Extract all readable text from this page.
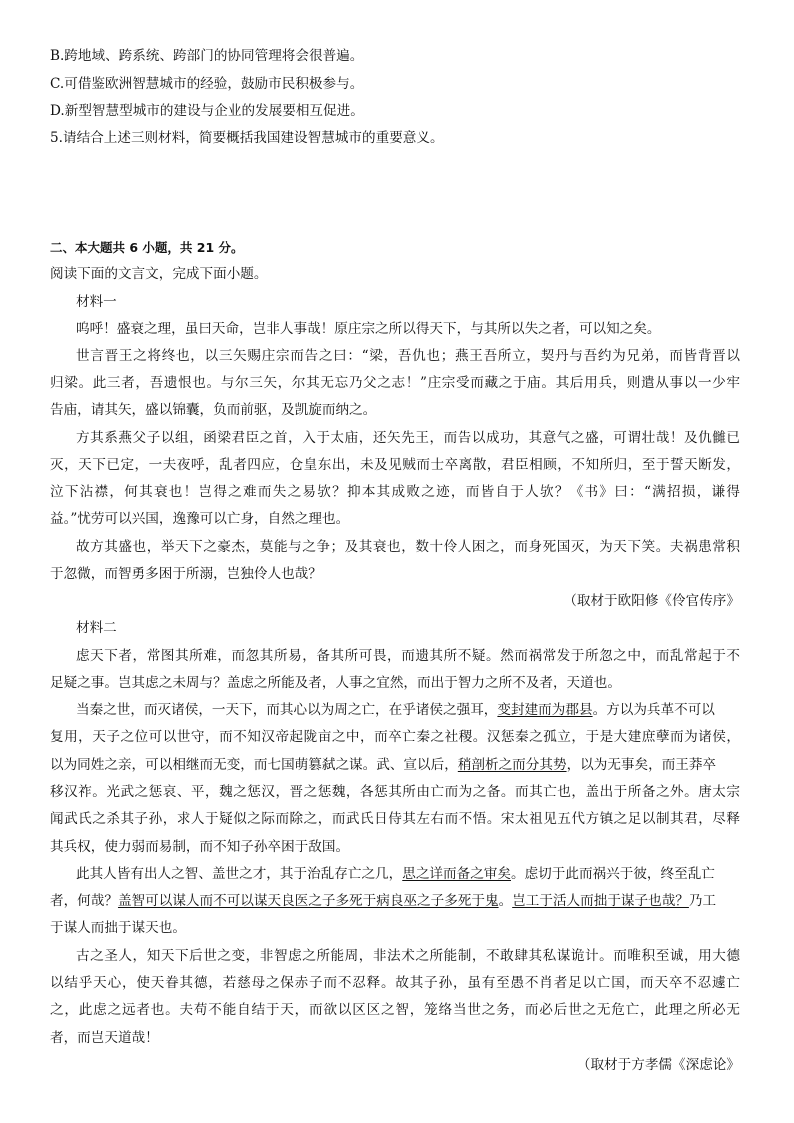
B.跨地域、跨系统、跨部门的协同管理将会很普遍。
C.可借鉴欧洲智慧城市的经验，鼓励市民积极参与。
D.新型智慧型城市的建设与企业的发展要相互促进。
5.请结合上述三则材料，简要概括我国建设智慧城市的重要意义。
二、本大题共 6 小题，共 21 分。
阅读下面的文言文，完成下面小题。
材料一
呜呼！盛衰之理，虽曰天命，岂非人事哉！原庄宗之所以得天下，与其所以失之者，可以知之矣。
世言晋王之将终也，以三矢赐庄宗而告之曰：“梁，吾仇也；燕王吾所立，契丹与吾约为兄弟，而皆背晋以
归梁。此三者，吾遗恨也。与尔三矢，尔其无忘乃父之志！”庄宗受而藏之于庙。其后用兵，则遣从事以一少牢
告庙，请其矢，盛以锦囊，负而前驱，及凯旋而纳之。
方其系燕父子以组，函梁君臣之首，入于太庙，还矢先王，而告以成功，其意气之盛，可谓壮哉！及仇雠已
灭，天下已定，一夫夜呼，乱者四应，仓皇东出，未及见贼而士卒离散，君臣相顾，不知所归，至于誓天断发，
泣下沾襟，何其衰也！岂得之难而失之易欤？抑本其成败之迹，而皆自于人欤？《书》曰：“满招损，谦得
益。”忧劳可以兴国，逸豫可以亡身，自然之理也。
故方其盛也，举天下之豪杰，莫能与之争；及其衰也，数十伶人困之，而身死国灭，为天下笑。夫祸患常积
于忽微，而智勇多困于所溺，岂独伶人也哉？
（取材于欧阳修《伶官传序》
材料二
虑天下者，常图其所难，而忽其所易，备其所可畏，而遗其所不疑。然而祸常发于所忽之中，而乱常起于不
足疑之事。岂其虑之未周与？盖虑之所能及者，人事之宜然，而出于智力之所不及者，天道也。
当秦之世，而灭诸侯，一天下，而其心以为周之亡，在乎诸侯之强耳，变封建而为郡县。方以为兵革不可以
复用，天子之位可以世守，而不知汉帝起陇亩之中，而卒亡秦之社稷。汉惩秦之孤立，于是大建庶孽而为诸侯，
以为同姓之亲，可以相继而无变，而七国萌篡弑之谋。武、宣以后，稍剖析之而分其势，以为无事矣，而王莽卒
移汉祚。光武之惩哀、平，魏之惩汉，晋之惩魏，各惩其所由亡而为之备。而其亡也，盖出于所备之外。唐太宗
闻武氏之杀其子孙，求人于疑似之际而除之，而武氏日侍其左右而不悟。宋太祖见五代方镇之足以制其君，尽释
其兵权，使力弱而易制，而不知子孙卒困于敌国。
此其人皆有出人之智、盖世之才，其于治乱存亡之几，思之详而备之审矣。虑切于此而祸兴于彼，终至乱亡
者，何哉？盖智可以谋人而不可以谋天良医之子多死于病良巫之子多死于鬼。岂工于活人而拙于谋子也哉？乃工
于谋人而拙于谋天也。
古之圣人，知天下后世之变，非智虑之所能周，非法术之所能制，不敢肆其私谋诡计。而唯积至诚，用大德
以结乎天心，使天眷其德，若慈母之保赤子而不忍释。故其子孙，虽有至愚不肖者足以亡国，而天卒不忍遽亡
之，此虑之远者也。夫苟不能自结于天，而欲以区区之智，笼络当世之务，而必后世之无危亡，此理之所必无
者，而岂天道哉！
（取材于方孝儒《深虑论》
